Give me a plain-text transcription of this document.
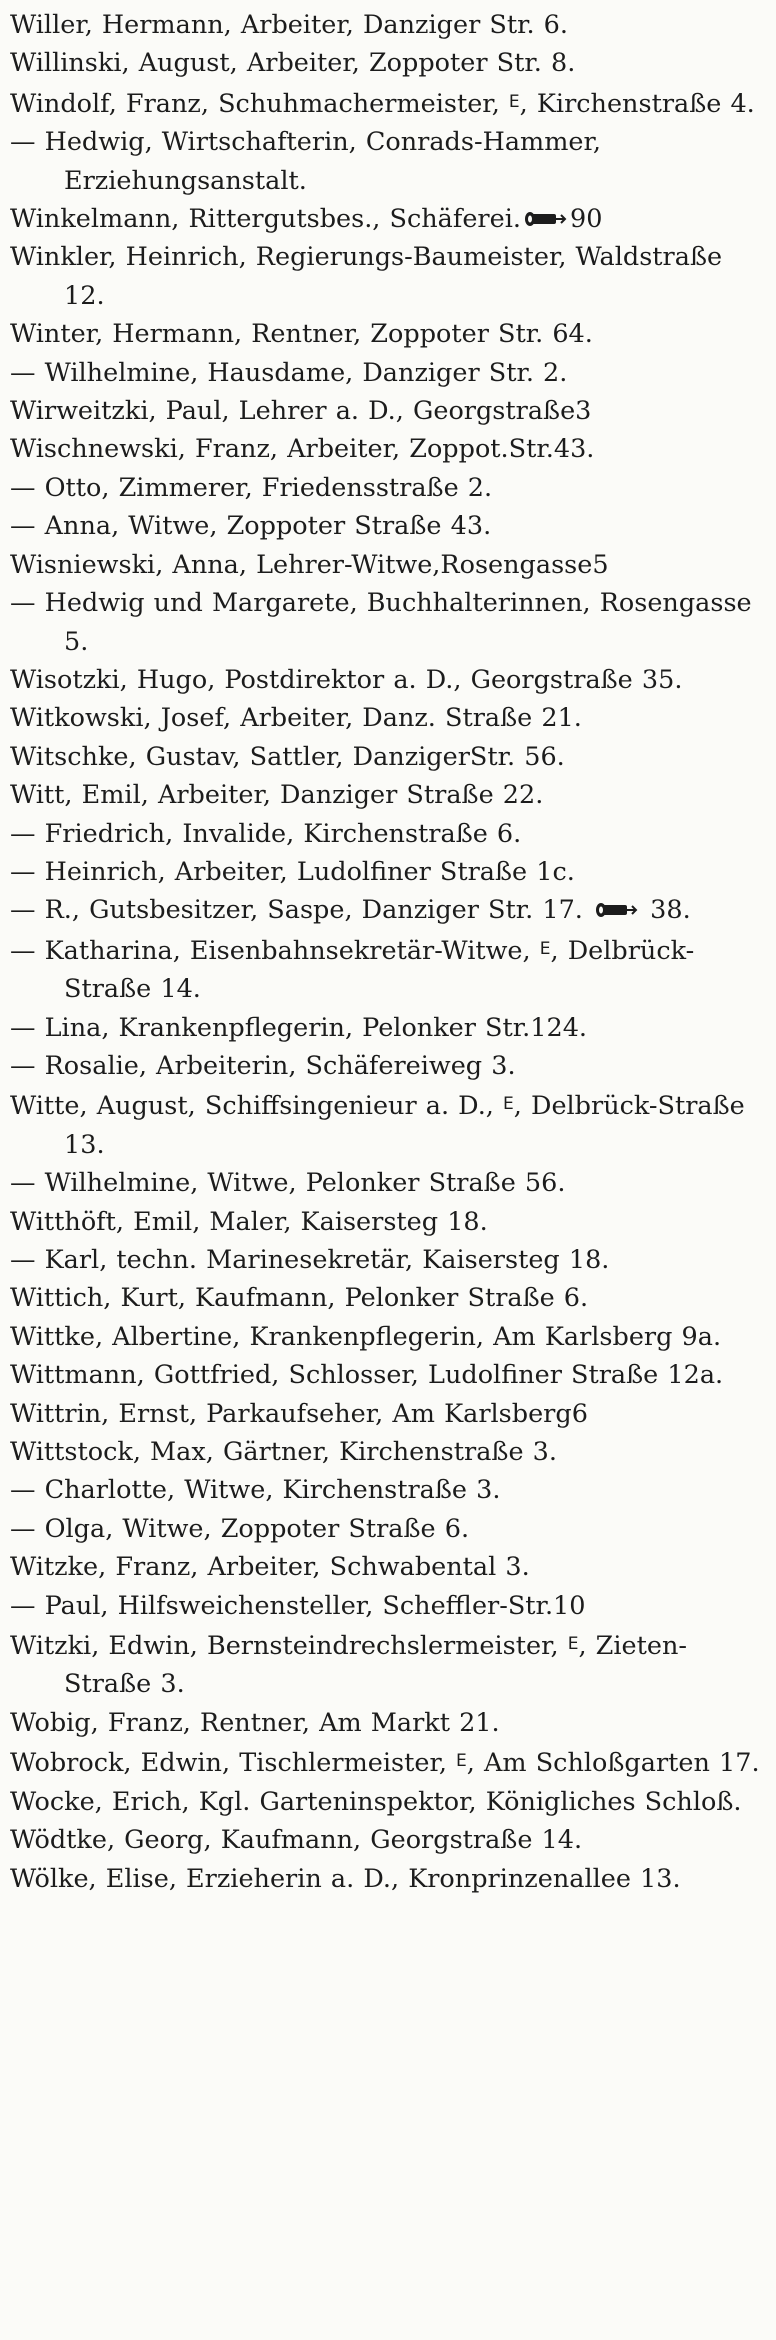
Willer, Hermann, Arbeiter, Danziger Str. 6.

Willinski, August, Arbeiter, Zoppoter Str. 8.

Windolf, Franz, Schuhmachermeister, $^E$, Kirchenstraße 4.

— Hedwig, Wirtschafterin, Conrads-Hammer, Erziehungsanstalt.

Winkelmann, Rittergutsbes., Schäferei. 90

Winkler, Heinrich, Regierungs-Baumeister, Waldstraße 12.

Winter, Hermann, Rentner, Zoppoter Str. 64.

— Wilhelmine, Hausdame, Danziger Str. 2.

Wirweitzki, Paul, Lehrer a. D., Georgstraße3

Wischnewski, Franz, Arbeiter, Zoppot.Str.43.

— Otto, Zimmerer, Friedensstraße 2.

— Anna, Witwe, Zoppoter Straße 43.

Wisniewski, Anna, Lehrer-Witwe,Rosengasse5

— Hedwig und Margarete, Buchhalterinnen, Rosengasse 5.

Wisotzki, Hugo, Postdirektor a. D., Georgstraße 35.

Witkowski, Josef, Arbeiter, Danz. Straße 21.

Witschke, Gustav, Sattler, DanzigerStr. 56.

Witt, Emil, Arbeiter, Danziger Straße 22.

— Friedrich, Invalide, Kirchenstraße 6.

— Heinrich, Arbeiter, Ludolfiner Straße 1c.

— R., Gutsbesitzer, Saspe, Danziger Str. 17.
38.

— Katharina, Eisenbahnsekretär-Witwe, $^E$, Delbrück-Straße 14.

— Lina, Krankenpflegerin, Pelonker Str.124.

— Rosalie, Arbeiterin, Schäfereiweg 3.

Witte, August, Schiffsingenieur a. D., $^E$, Delbrück-Straße 13.

— Wilhelmine, Witwe, Pelonker Straße 56.

Witthöft, Emil, Maler, Kaisersteg 18.

— Karl, techn. Marinesekretär, Kaisersteg 18.

Wittich, Kurt, Kaufmann, Pelonker Straße 6.

Wittke, Albertine, Krankenpflegerin, Am Karlsberg 9a.

Wittmann, Gottfried, Schlosser, Ludolfiner Straße 12a.

Wittrin, Ernst, Parkaufseher, Am Karlsberg6

Wittstock, Max, Gärtner, Kirchenstraße 3.

— Charlotte, Witwe, Kirchenstraße 3.

— Olga, Witwe, Zoppoter Straße 6.

Witzke, Franz, Arbeiter, Schwabental 3.

— Paul, Hilfsweichensteller, Scheffler-Str.10

Witzki, Edwin, Bernsteindrechslermeister, $^E$, Zieten-Straße 3.

Wobig, Franz, Rentner, Am Markt 21.

Wobrock, Edwin, Tischlermeister, $^E$, Am Schloßgarten 17.

Wocke, Erich, Kgl. Garteninspektor, Königliches Schloß.

Wödtke, Georg, Kaufmann, Georgstraße 14.

Wölke, Elise, Erzieherin a. D., Kronprinzenallee 13.
